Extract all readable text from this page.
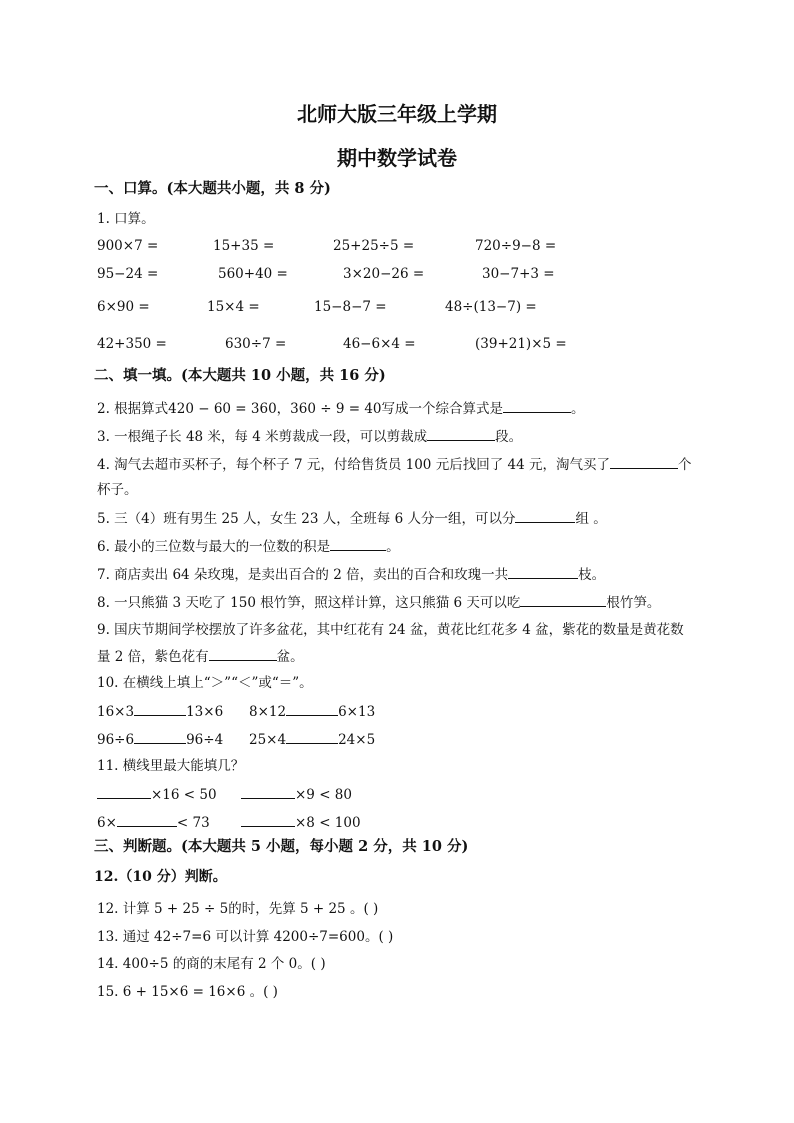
北师大版三年级上学期
期中数学试卷
一、口算。(本大题共小题，共 8 分)
1. 口算。
900×7 =	15+35 =	25+25÷5 =	720÷9−8 =
95−24 =	560+40 =	3×20−26 =	30−7+3 =
6×90 =	15×4 =	15−8−7 =	48÷(13−7) =
42+350 =	630÷7 =	46−6×4 =	(39+21)×5 =
二、填一填。(本大题共 10 小题，共 16 分)
2. 根据算式420 − 60 = 360，360 ÷ 9 = 40写成一个综合算式是	。
3. 一根绳子长 48 米，每 4 米剪裁成一段，可以剪裁成	段。
4. 淘气去超市买杯子，每个杯子 7 元，付给售货员 100 元后找回了 44 元，淘气买了	个
杯子。
5. 三（4）班有男生 25 人，女生 23 人，全班每 6 人分一组，可以分	组 。
6. 最小的三位数与最大的一位数的积是	。
7. 商店卖出 64 朵玫瑰，是卖出百合的 2 倍，卖出的百合和玫瑰一共	枝。
8. 一只熊猫 3 天吃了 150 根竹笋，照这样计算，这只熊猫 6 天可以吃	根竹笋。
9. 国庆节期间学校摆放了许多盆花，其中红花有 24 盆，黄花比红花多 4 盆，紫花的数量是黄花数
量 2 倍，紫色花有	盆。
10. 在横线上填上“＞”“＜”或“＝”。
16×3	13×6 8×12	6×13
96÷6	96÷4 25×4	24×5
11. 横线里最大能填几？
×16 < 50	×9 < 80
6×	< 73	×8 < 100
三、判断题。(本大题共 5 小题，每小题 2 分，共 10 分)
12.（10 分）判断。
12. 计算 5 + 25 ÷ 5的时，先算 5 + 25 。( )
13. 通过 42÷7=6 可以计算 4200÷7=600。( )
14. 400÷5 的商的末尾有 2 个 0。( )
15. 6 + 15×6 = 16×6 。( )
